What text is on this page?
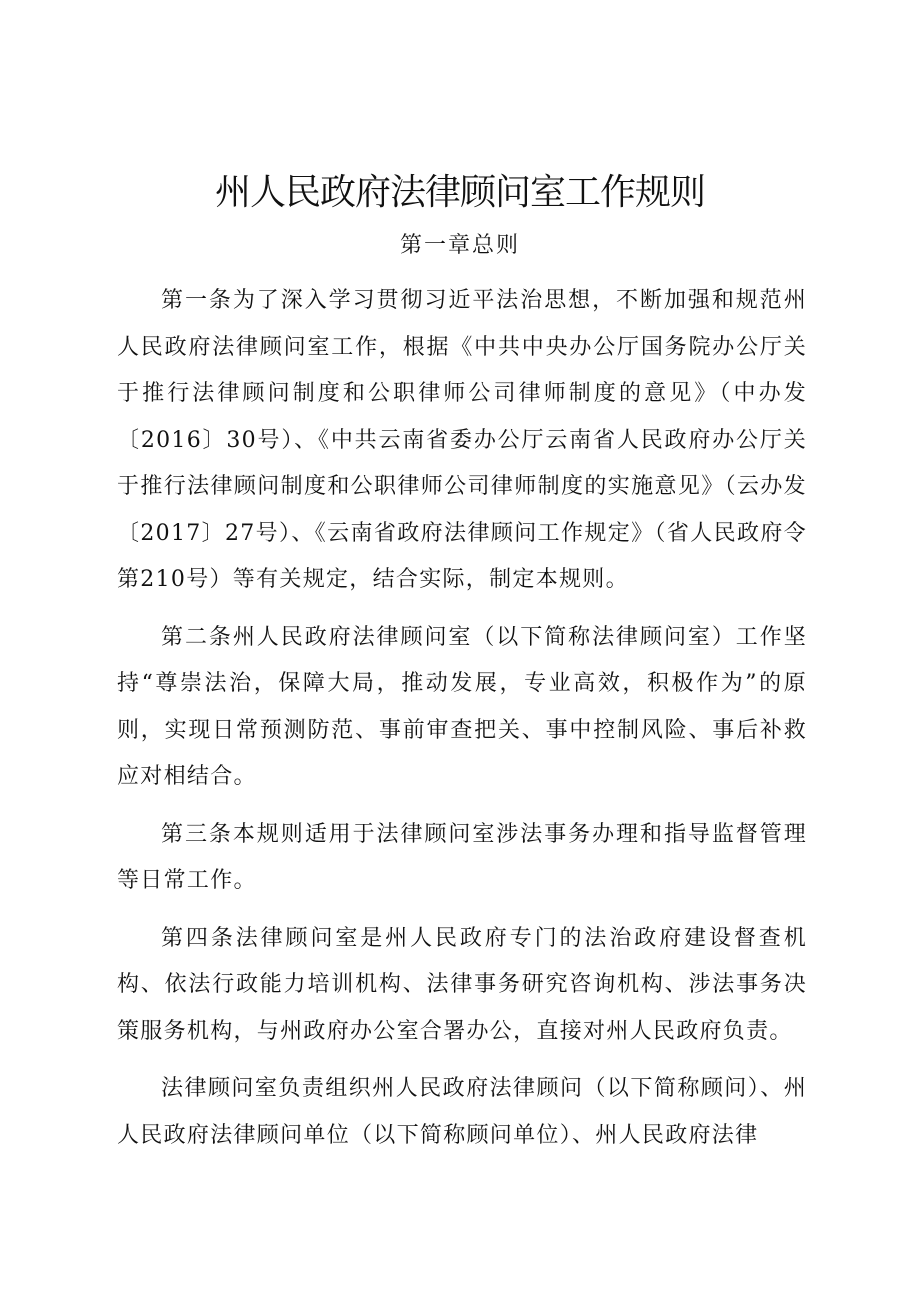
州人民政府法律顾问室工作规则
第一章总则

第一条为了深入学习贯彻习近平法治思想，不断加强和规范州人民政府法律顾问室工作，根据《中共中央办公厅国务院办公厅关于推行法律顾问制度和公职律师公司律师制度的意见》（中办发〔2016〕30号）、《中共云南省委办公厅云南省人民政府办公厅关于推行法律顾问制度和公职律师公司律师制度的实施意见》（云办发〔2017〕27号）、《云南省政府法律顾问工作规定》（省人民政府令第210号）等有关规定，结合实际，制定本规则。

第二条州人民政府法律顾问室（以下简称法律顾问室）工作坚持“尊崇法治，保障大局，推动发展，专业高效，积极作为”的原则，实现日常预测防范、事前审查把关、事中控制风险、事后补救应对相结合。

第三条本规则适用于法律顾问室涉法事务办理和指导监督管理等日常工作。

第四条法律顾问室是州人民政府专门的法治政府建设督查机构、依法行政能力培训机构、法律事务研究咨询机构、涉法事务决策服务机构，与州政府办公室合署办公，直接对州人民政府负责。

法律顾问室负责组织州人民政府法律顾问（以下简称顾问）、州人民政府法律顾问单位（以下简称顾问单位）、州人民政府法律
